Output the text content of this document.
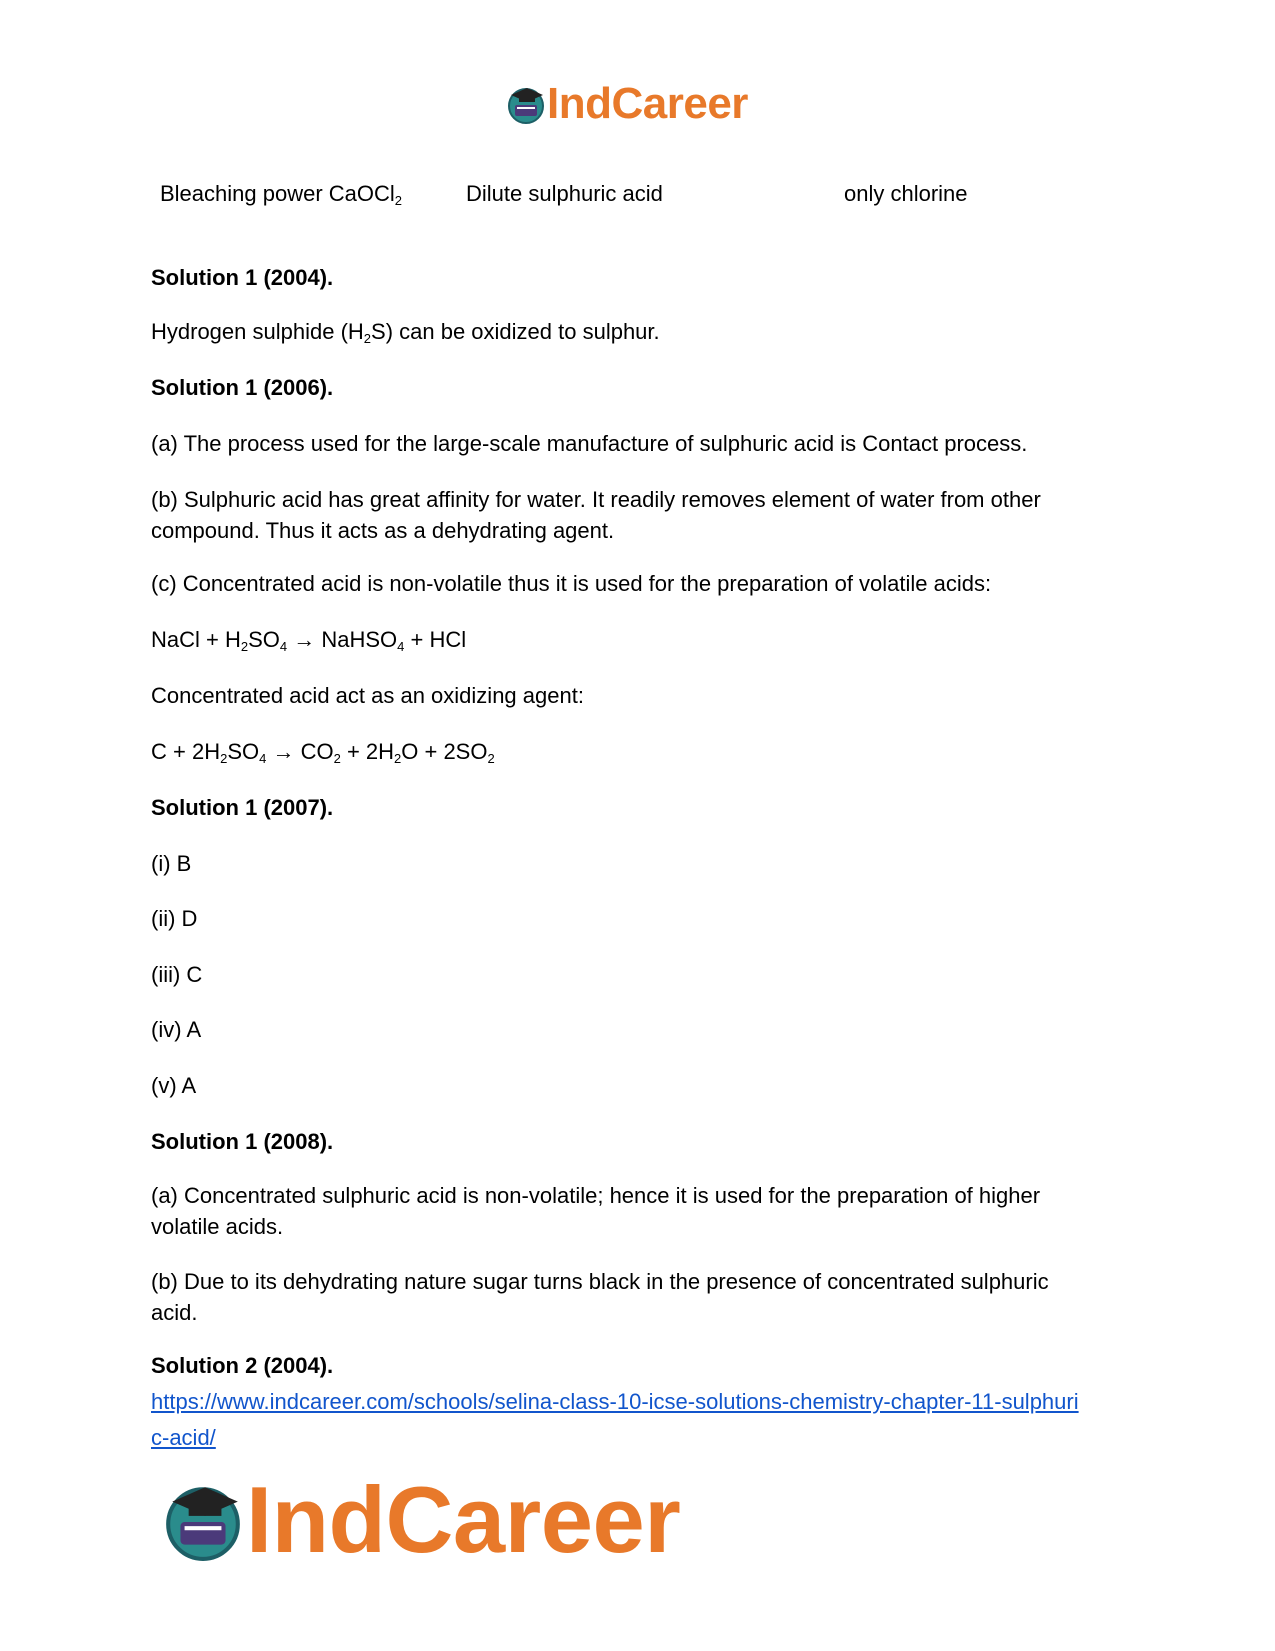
IndCareer
Bleaching power CaOCl$_2$	Dilute sulphuric acid	only chlorine
Solution 1 (2004).
Hydrogen sulphide $(H_2S)$ can be oxidized to sulphur.
Solution 1 (2006).
(a) The process used for the large-scale manufacture of sulphuric acid is Contact process.
(b) Sulphuric acid has great affinity for water. It readily removes element of water from other compound. Thus it acts as a dehydrating agent.
(c) Concentrated acid is non-volatile thus it is used for the preparation of volatile acids:
NaCl + $H_2SO_4$ → NaHSO$_4$ + HCl
Concentrated acid act as an oxidizing agent:
$C + 2H_2SO_4 \to CO_2 + 2H_2O + 2SO_2$
Solution 1 (2007).
(i) B
(ii) D
(iii) C
(iv) A
(v) A
Solution 1 (2008).
(a) Concentrated sulphuric acid is non-volatile; hence it is used for the preparation of higher volatile acids.
(b) Due to its dehydrating nature sugar turns black in the presence of concentrated sulphuric acid.
Solution 2 (2004).
https://www.indcareer.com/schools/selina-class-10-icse-solutions-chemistry-chapter-11-sulphuri
c-acid/
IndCareer
